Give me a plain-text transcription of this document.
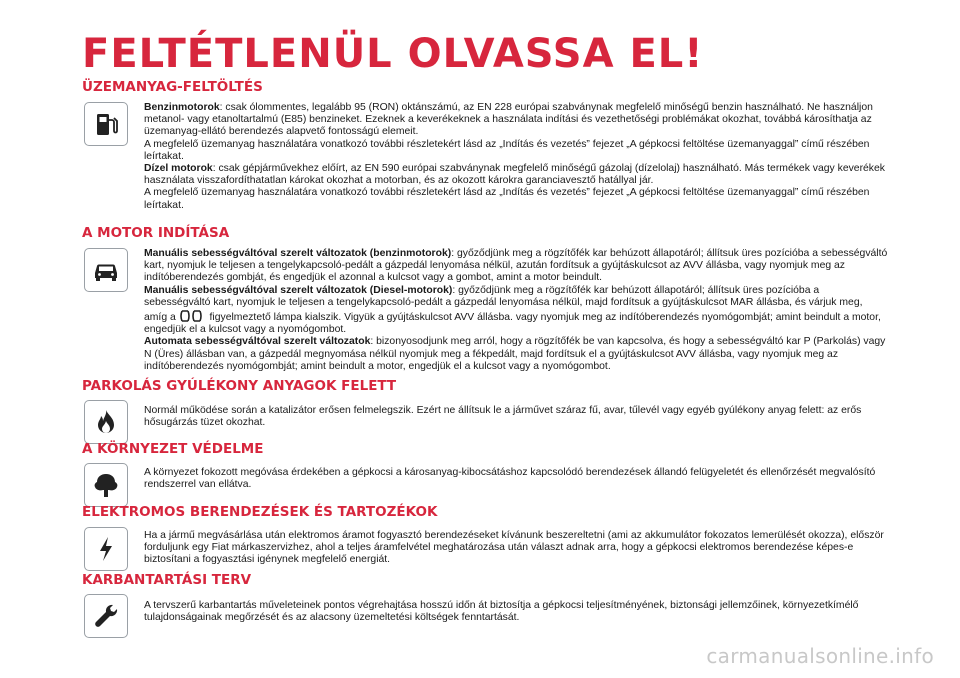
FELTÉTLENÜL OLVASSA EL!
ÜZEMANYAG-FELTÖLTÉS

Benzinmotorok: csak ólommentes, legalább 95 (RON) oktánszámú, az EN 228 európai szabványnak megfelelő minőségű benzin használható. Ne használjon metanol- vagy etanoltartalmú (E85) benzineket. Ezeknek a keverékeknek a használata indítási és vezethetőségi problémákat okozhat, továbbá károsíthatja az üzemanyag-ellátó berendezés alapvető fontosságú elemeit.

A megfelelő üzemanyag használatára vonatkozó további részletekért lásd az „Indítás és vezetés” fejezet „A gépkocsi feltöltése üzemanyaggal” című részében leírtakat.

Dízel motorok: csak gépjárművekhez előírt, az EN 590 európai szabványnak megfelelő minőségű gázolaj (dízelolaj) használható. Más termékek vagy keverékek használata visszafordíthatatlan károkat okozhat a motorban, és az okozott károkra garanciavesztő hatállyal jár.

A megfelelő üzemanyag használatára vonatkozó további részletekért lásd az „Indítás és vezetés” fejezet „A gépkocsi feltöltése üzemanyaggal” című részében leírtakat.

A MOTOR INDÍTÁSA

Manuális sebességváltóval szerelt változatok (benzinmotorok): győződjünk meg a rögzítőfék kar behúzott állapotáról; állítsuk üres pozícióba a sebességváltó kart, nyomjuk le teljesen a tengelykapcsoló-pedált a gázpedál lenyomása nélkül, azután fordítsuk a gyújtáskulcsot az AVV állásba, vagy nyomjuk meg az indítóberendezés gombját, és engedjük el azonnal a kulcsot vagy a gombot, amint a motor beindult.

Manuális sebességváltóval szerelt változatok (Diesel-motorok): győződjünk meg a rögzítőfék kar behúzott állapotáról; állítsuk üres pozícióba a sebességváltó kart, nyomjuk le teljesen a tengelykapcsoló-pedált a gázpedál lenyomása nélkül, majd fordítsuk a gyújtáskulcsot MAR állásba, és várjuk meg, amíg a	figyelmeztető lámpa kialszik. Vigyük a gyújtáskulcsot AVV állásba. vagy nyomjuk meg az indítóberendezés nyomógombját; amint beindult a motor, engedjük el a kulcsot vagy a nyomógombot.

Automata sebességváltóval szerelt változatok: bizonyosodjunk meg arról, hogy a rögzítőfék be van kapcsolva, és hogy a sebességváltó kar P (Parkolás) vagy N (Üres) állásban van, a gázpedál megnyomása nélkül nyomjuk meg a fékpedált, majd fordítsuk el a gyújtáskulcsot AVV állásba, vagy nyomjuk meg az indítóberendezés nyomógombját; amint beindult a motor, engedjük el a kulcsot vagy a nyomógombot.

PARKOLÁS GYÚLÉKONY ANYAGOK FELETT

Normál működése során a katalizátor erősen felmelegszik. Ezért ne állítsuk le a járművet száraz fű, avar, tűlevél vagy egyéb gyúlékony anyag felett: az erős hősugárzás tüzet okozhat.

A KÖRNYEZET VÉDELME

A környezet fokozott megóvása érdekében a gépkocsi a károsanyag-kibocsátáshoz kapcsolódó berendezések állandó felügyeletét és ellenőrzését megvalósító rendszerrel van ellátva.

ELEKTROMOS BERENDEZÉSEK ÉS TARTOZÉKOK

Ha a jármű megvásárlása után elektromos áramot fogyasztó berendezéseket kívánunk beszereltetni (ami az akkumulátor fokozatos lemerülését okozza), először forduljunk egy Fiat márkaszervizhez, ahol a teljes áramfelvétel meghatározása után választ adnak arra, hogy a gépkocsi elektromos berendezése képes-e biztosítani a fogyasztási igénynek megfelelő energiát.

KARBANTARTÁSI TERV

A tervszerű karbantartás műveleteinek pontos végrehajtása hosszú időn át biztosítja a gépkocsi teljesítményének, biztonsági jellemzőinek, környezetkímélő tulajdonságainak megőrzését és az alacsony üzemeltetési költségek fenntartását.

carmanualsonline.info
